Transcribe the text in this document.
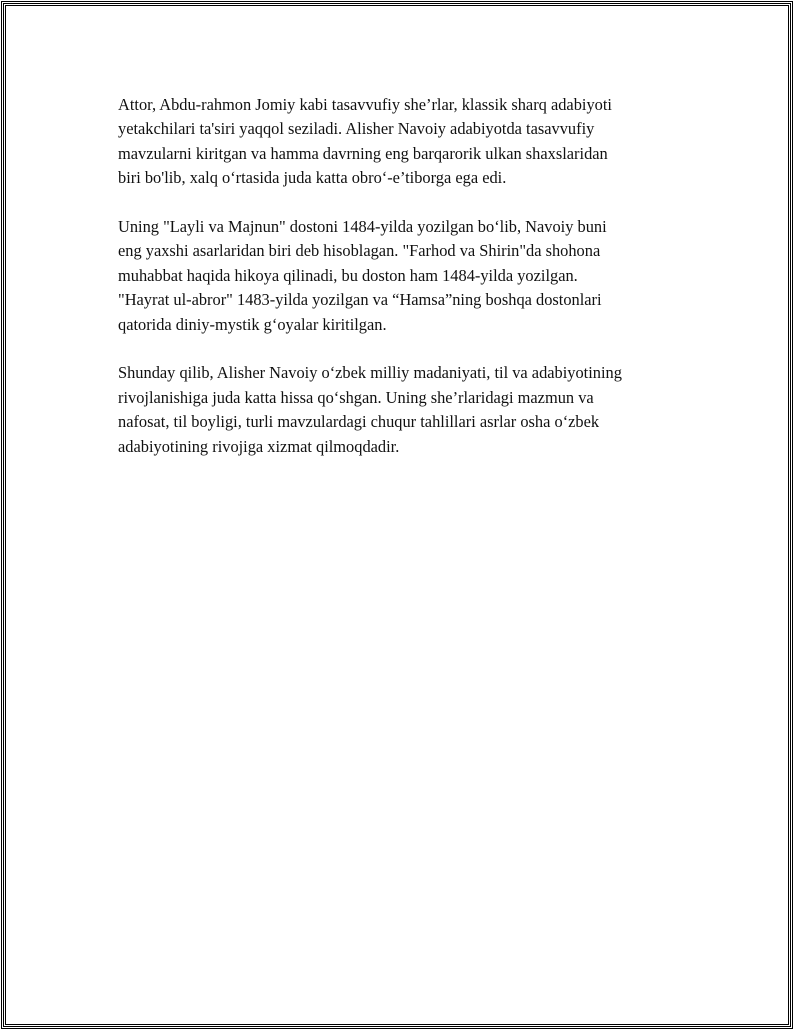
Attor, Abdu-rahmon Jomiy kabi tasavvufiy she’rlar, klassik sharq adabiyoti
yetakchilari ta'siri yaqqol seziladi. Alisher Navoiy adabiyotda tasavvufiy
mavzularni kiritgan va hamma davrning eng barqarorik ulkan shaxslaridan
biri bo'lib, xalq o‘rtasida juda katta obro‘-e’tiborga ega edi.

Uning "Layli va Majnun" dostoni 1484-yilda yozilgan bo‘lib, Navoiy buni
eng yaxshi asarlaridan biri deb hisoblagan. "Farhod va Shirin"da shohona
muhabbat haqida hikoya qilinadi, bu doston ham 1484-yilda yozilgan.
"Hayrat ul-abror" 1483-yilda yozilgan va “Hamsa”ning boshqa dostonlari
qatorida diniy-mystik g‘oyalar kiritilgan.

Shunday qilib, Alisher Navoiy o‘zbek milliy madaniyati, til va adabiyotining
rivojlanishiga juda katta hissa qo‘shgan. Uning she’rlaridagi mazmun va
nafosat, til boyligi, turli mavzulardagi chuqur tahlillari asrlar osha o‘zbek
adabiyotining rivojiga xizmat qilmoqdadir.
